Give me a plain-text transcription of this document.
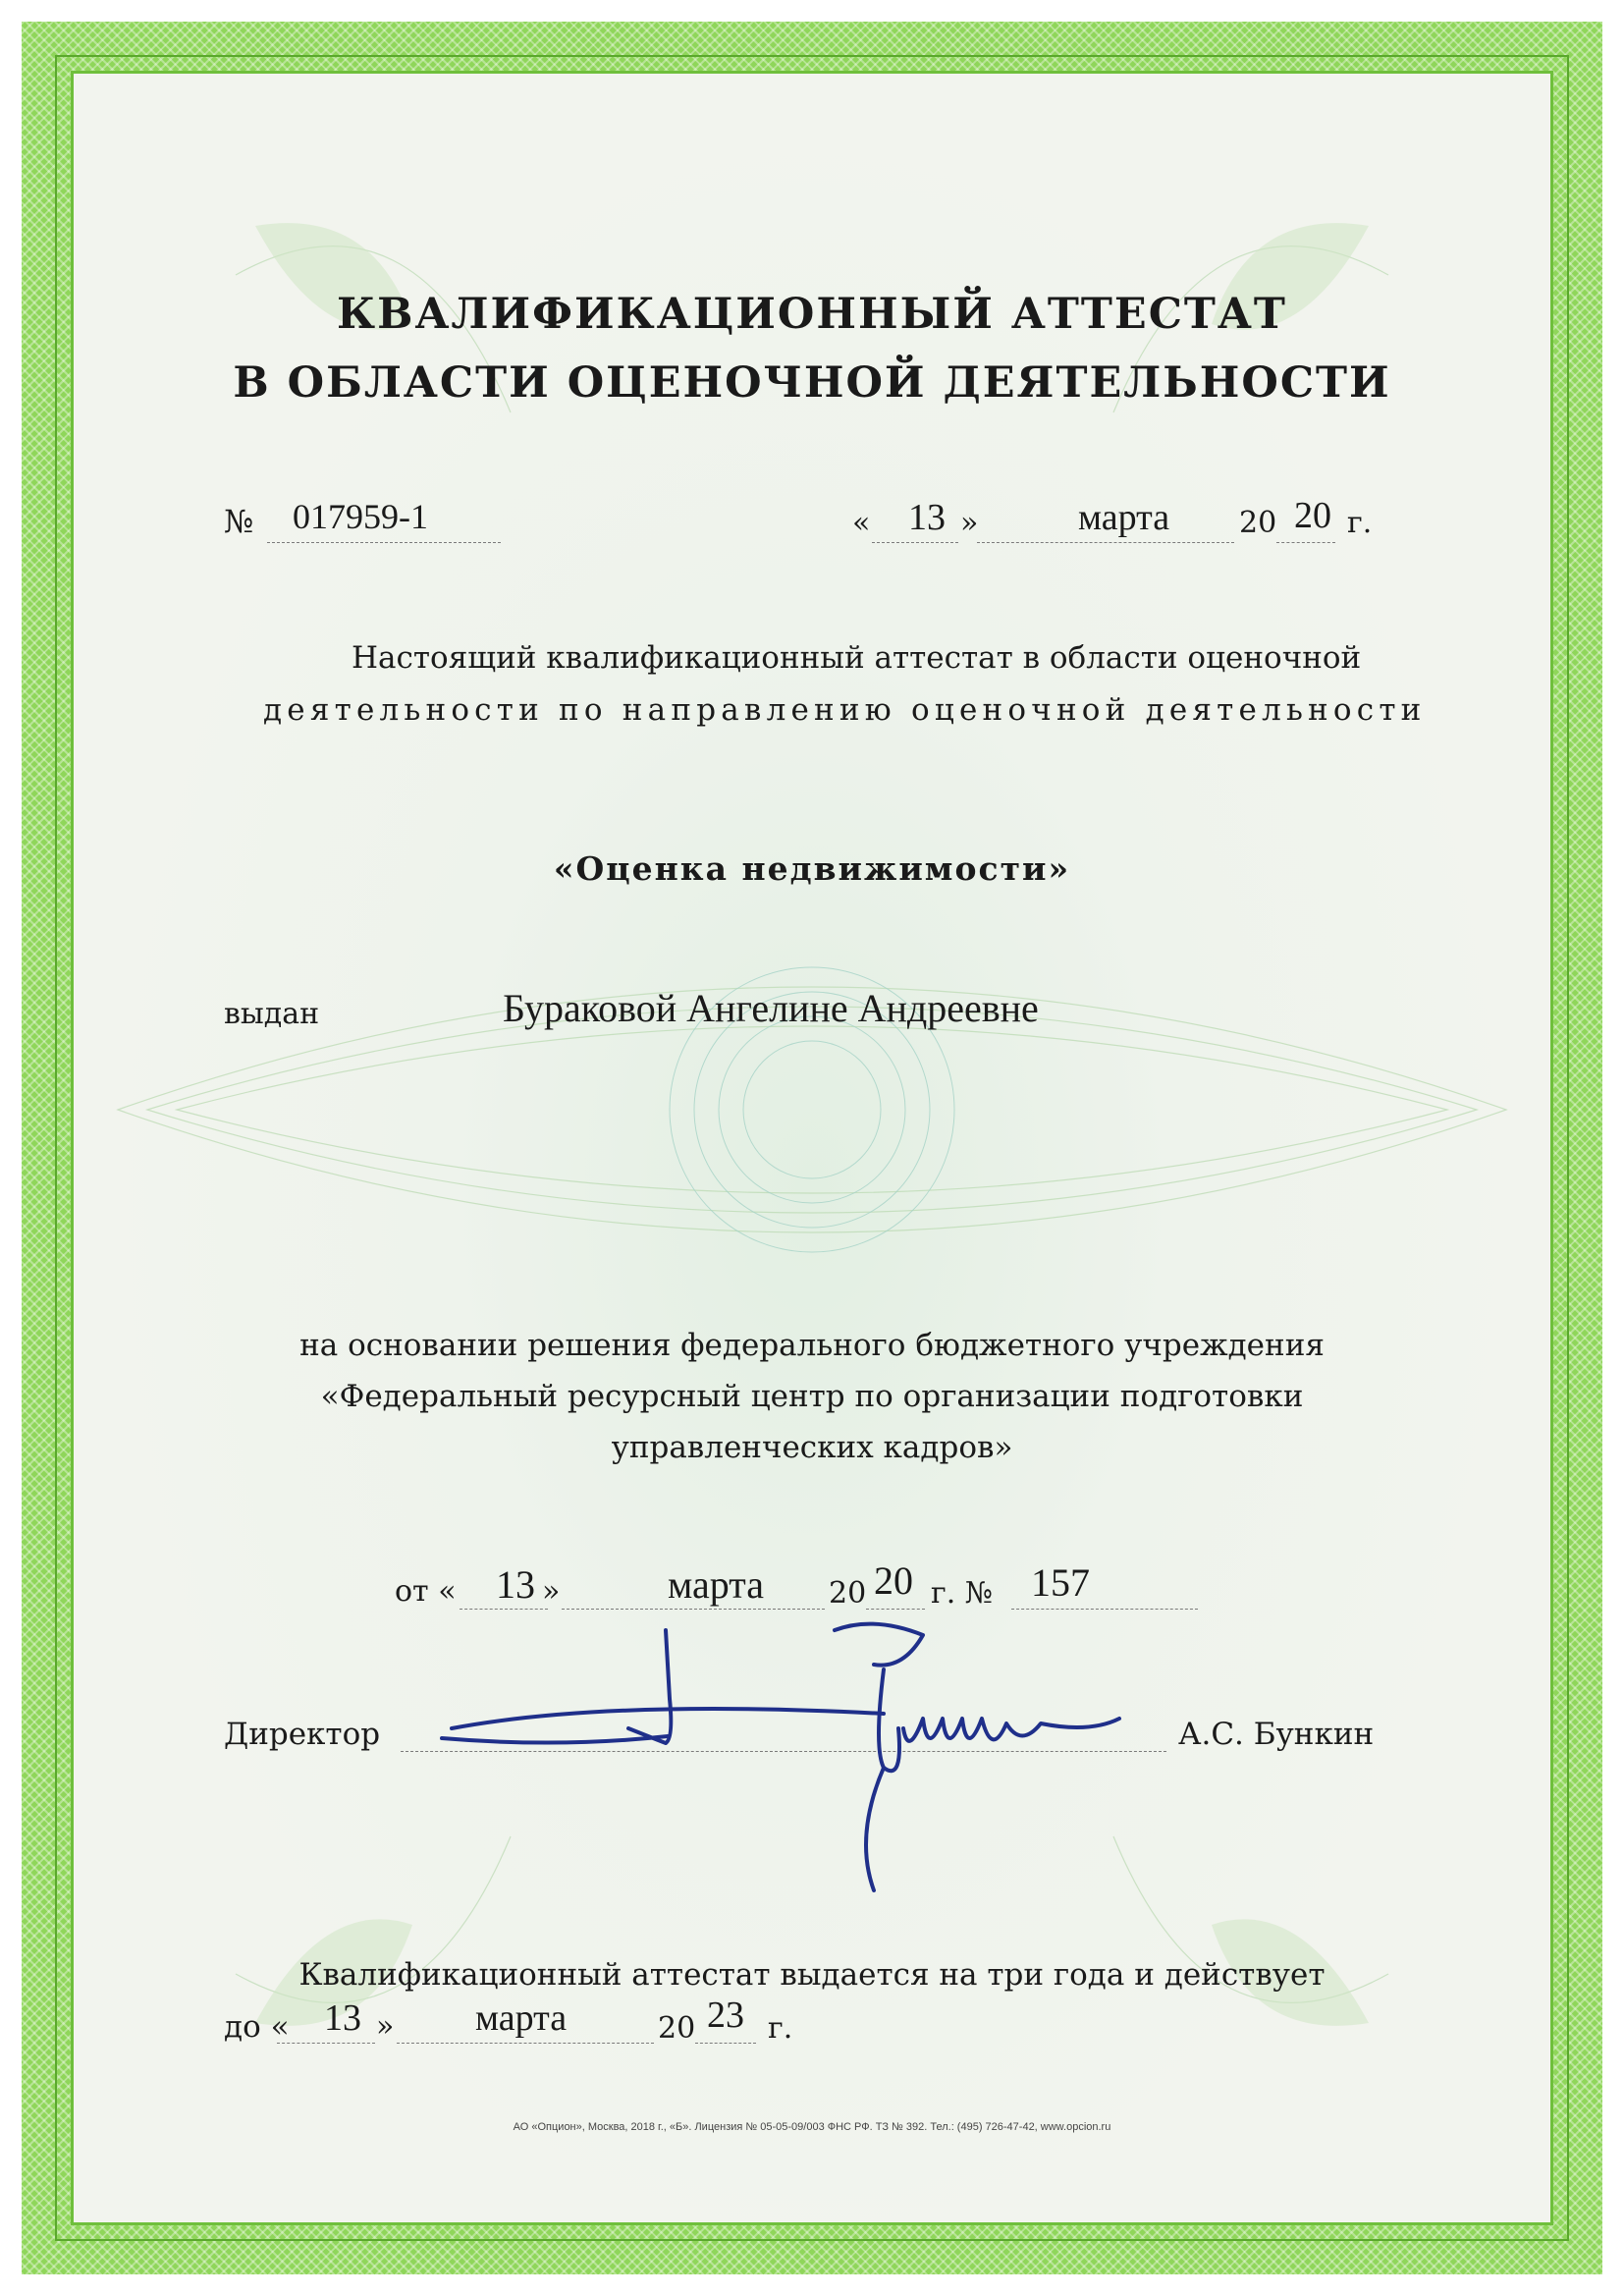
КВАЛИФИКАЦИОННЫЙ АТТЕСТАТ
В ОБЛАСТИ ОЦЕНОЧНОЙ ДЕЯТЕЛЬНОСТИ
№ 017959-1	« 13 »	марта 20 20 г.
Настоящий квалификационный аттестат в области оценочной
деятельности по направлению оценочной деятельности
«Оценка недвижимости»
выдан	Бураковой Ангелине Андреевне
на основании решения федерального бюджетного учреждения
«Федеральный ресурсный центр по организации подготовки
управленческих кадров»
от « 13 »	марта 20 20 г. № 157
Директор	А.С. Бункин
Квалификационный аттестат выдается на три года и действует
до « 13 » марта	20 23 г.
АО «Опцион», Москва, 2018 г., «Б». Лицензия № 05-05-09/003 ФНС РФ. ТЗ № 392. Тел.: (495) 726-47-42, www.opcion.ru
